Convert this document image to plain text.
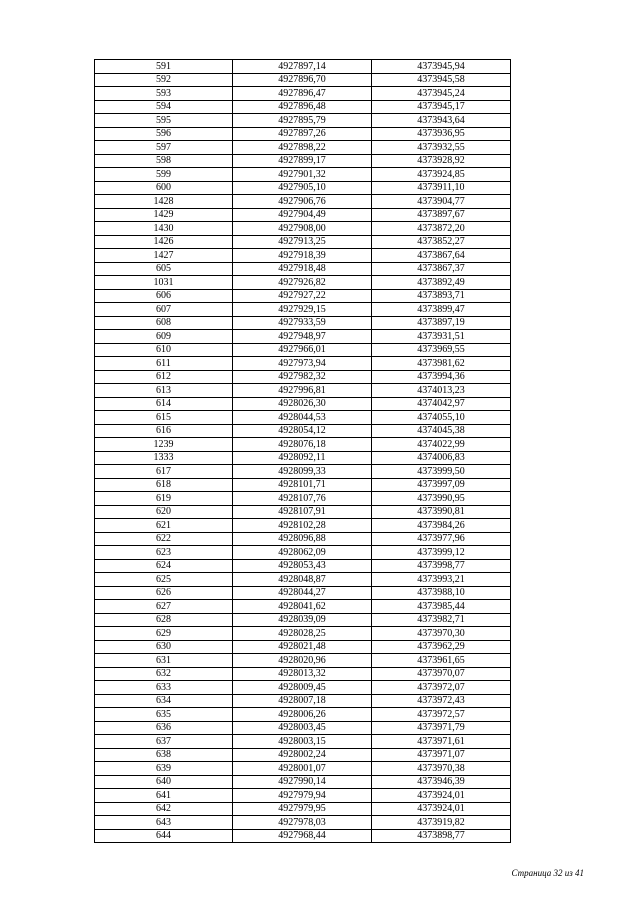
591	4927897,14	4373945,94
592	4927896,70	4373945,58
593	4927896,47	4373945,24
594	4927896,48	4373945,17
595	4927895,79	4373943,64
596	4927897,26	4373936,95
597	4927898,22	4373932,55
598	4927899,17	4373928,92
599	4927901,32	4373924,85
600	4927905,10	4373911,10
1428	4927906,76	4373904,77
1429	4927904,49	4373897,67
1430	4927908,00	4373872,20
1426	4927913,25	4373852,27
1427	4927918,39	4373867,64
605	4927918,48	4373867,37
1031	4927926,82	4373892,49
606	4927927,22	4373893,71
607	4927929,15	4373899,47
608	4927933,59	4373897,19
609	4927948,97	4373931,51
610	4927966,01	4373969,55
611	4927973,94	4373981,62
612	4927982,32	4373994,36
613	4927996,81	4374013,23
614	4928026,30	4374042,97
615	4928044,53	4374055,10
616	4928054,12	4374045,38
1239	4928076,18	4374022,99
1333	4928092,11	4374006,83
617	4928099,33	4373999,50
618	4928101,71	4373997,09
619	4928107,76	4373990,95
620	4928107,91	4373990,81
621	4928102,28	4373984,26
622	4928096,88	4373977,96
623	4928062,09	4373999,12
624	4928053,43	4373998,77
625	4928048,87	4373993,21
626	4928044,27	4373988,10
627	4928041,62	4373985,44
628	4928039,09	4373982,71
629	4928028,25	4373970,30
630	4928021,48	4373962,29
631	4928020,96	4373961,65
632	4928013,32	4373970,07
633	4928009,45	4373972,07
634	4928007,18	4373972,43
635	4928006,26	4373972,57
636	4928003,45	4373971,79
637	4928003,15	4373971,61
638	4928002,24	4373971,07
639	4928001,07	4373970,38
640	4927990,14	4373946,39
641	4927979,94	4373924,01
642	4927979,95	4373924,01
643	4927978,03	4373919,82
644	4927968,44	4373898,77
Страница 32 из 41
